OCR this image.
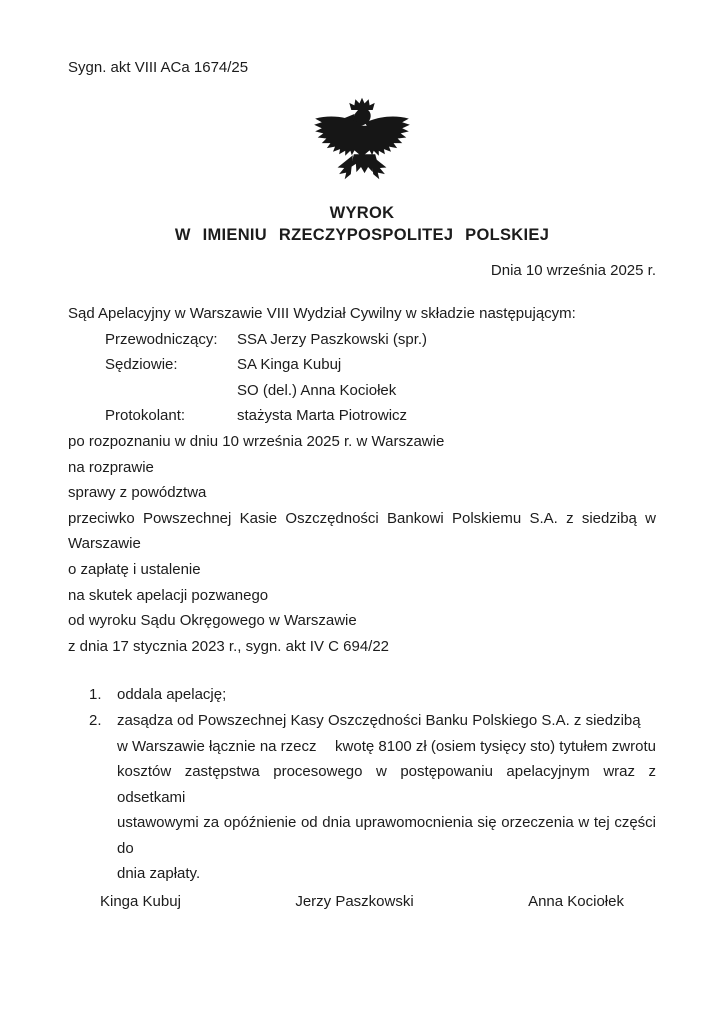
Sygn. akt VIII ACa 1674/25
WYROK
W IMIENIU RZECZYPOSPOLITEJ POLSKIEJ
Dnia 10 września 2025 r.
Sąd Apelacyjny w Warszawie VIII Wydział Cywilny w składzie następującym:
Przewodniczący: SSA Jerzy Paszkowski (spr.)
Sędziowie:	SA Kinga Kubuj
SO (del.) Anna Kociołek
Protokolant:	stażysta Marta Piotrowicz
po rozpoznaniu w dniu 10 września 2025 r. w Warszawie
na rozprawie
sprawy z powództwa
przeciwko Powszechnej Kasie Oszczędności Bankowi Polskiemu S.A. z siedzibą w
Warszawie
o zapłatę i ustalenie
na skutek apelacji pozwanego
od wyroku Sądu Okręgowego w Warszawie
z dnia 17 stycznia 2023 r., sygn. akt IV C 694/22
1. oddala apelację;
2. zasądza od Powszechnej Kasy Oszczędności Banku Polskiego S.A. z siedzibą
w Warszawie łącznie na rzecz kwotę 8100 zł (osiem tysięcy sto) tytułem zwrotu
kosztów zastępstwa procesowego w postępowaniu apelacyjnym wraz z odsetkami
ustawowymi za opóźnienie od dnia uprawomocnienia się orzeczenia w tej części do
dnia zapłaty.
Kinga Kubuj	Jerzy Paszkowski	Anna Kociołek
